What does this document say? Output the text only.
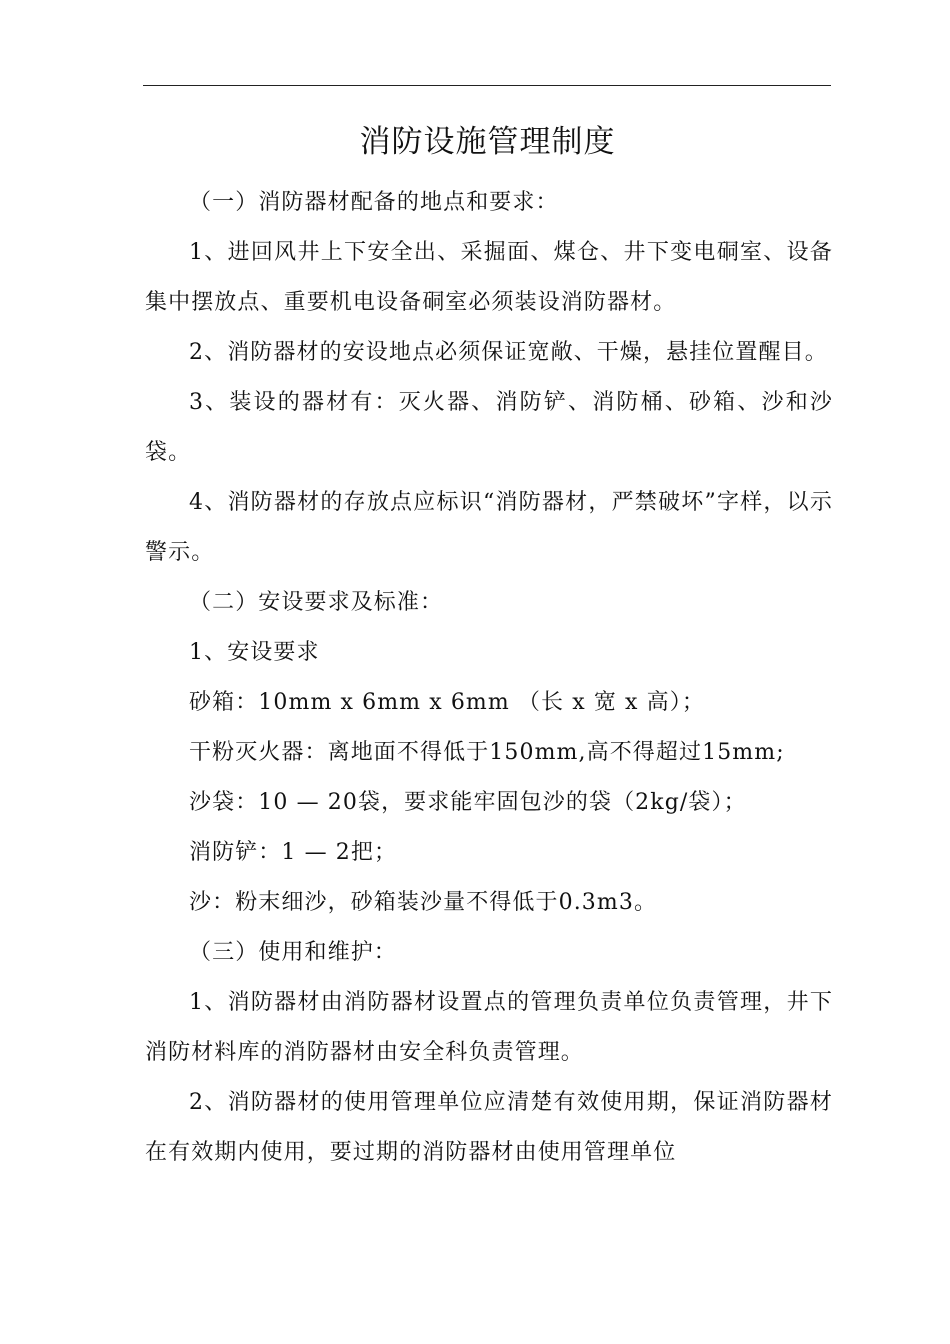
消防设施管理制度

（一）消防器材配备的地点和要求：

1、进回风井上下安全出、采掘面、煤仓、井下变电硐室、设备集中摆放点、重要机电设备硐室必须装设消防器材。

2、消防器材的安设地点必须保证宽敞、干燥，悬挂位置醒目。

3、装设的器材有：灭火器、消防铲、消防桶、砂箱、沙和沙袋。

4、消防器材的存放点应标识“消防器材，严禁破坏”字样，以示警示。

（二）安设要求及标准：

1、安设要求

砂箱：10mm x 6mm x 6mm （长 x 宽 x 高）；

干粉灭火器：离地面不得低于150mm,高不得超过15mm;

沙袋：10 — 20袋，要求能牢固包沙的袋（2kg/袋）；

消防铲：1 — 2把；

沙：粉末细沙，砂箱装沙量不得低于0.3m3。

（三）使用和维护：

1、消防器材由消防器材设置点的管理负责单位负责管理，井下消防材料库的消防器材由安全科负责管理。

2、消防器材的使用管理单位应清楚有效使用期，保证消防器材在有效期内使用，要过期的消防器材由使用管理单位
